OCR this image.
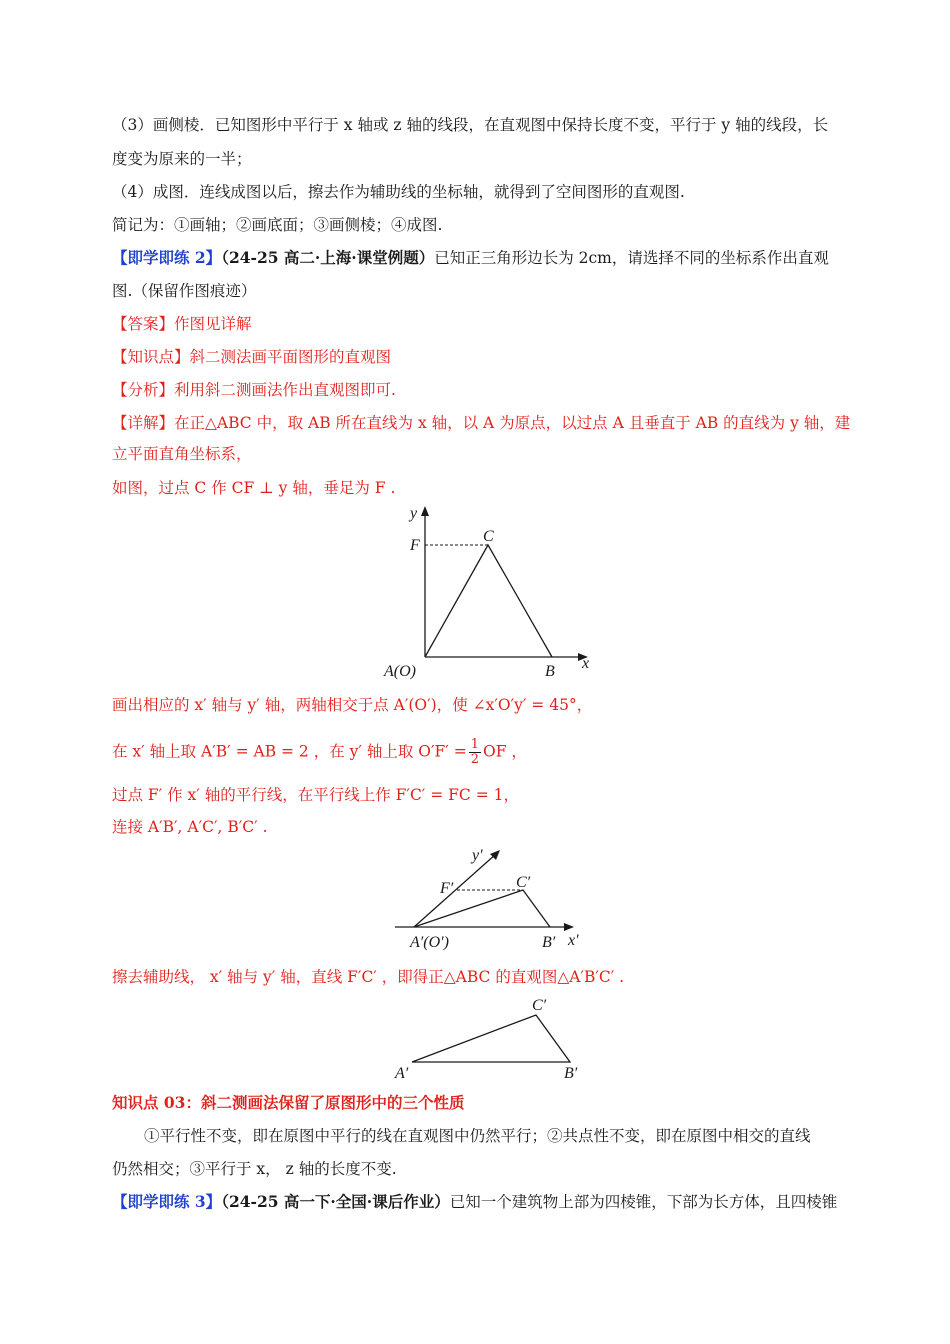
（3）画侧棱．已知图形中平行于 x 轴或 z 轴的线段，在直观图中保持长度不变，平行于 y 轴的线段，长
度变为原来的一半；
（4）成图．连线成图以后，擦去作为辅助线的坐标轴，就得到了空间图形的直观图.
简记为：①画轴；②画底面；③画侧棱；④成图.
【即学即练 2】（24-25 高二·上海·课堂例题）已知正三角形边长为 2cm，请选择不同的坐标系作出直观
图.（保留作图痕迹）
【答案】作图见详解
【知识点】斜二测法画平面图形的直观图
【分析】利用斜二测画法作出直观图即可.
【详解】在正△ABC 中，取 AB 所在直线为 x 轴，以 A 为原点，以过点 A 且垂直于 AB 的直线为 y 轴，建
立平面直角坐标系，
如图，过点 C 作 CF ⊥ y 轴，垂足为 F .
y
x
F
C
A(O)	B
画出相应的 x′ 轴与 y′ 轴，两轴相交于点 A′(O′)，使 ∠x′O′y′ = 45°，
在 x′ 轴上取 A′B′ = AB = 2 ，在 y′ 轴上取 $O'F' = \frac{1}{2}$ OF ，
过点 F′ 作 x′ 轴的平行线，在平行线上作 F′C′ = FC = 1，
连接 A′B′, A′C′, B′C′ .
y′
x′
F′	C′
A′(O′)	B′
擦去辅助线， x′ 轴与 y′ 轴，直线 F′C′ ，即得正△ABC 的直观图△A′B′C′ .
C′
A′	B′
知识点 03：斜二测画法保留了原图形中的三个性质
①平行性不变，即在原图中平行的线在直观图中仍然平行；②共点性不变，即在原图中相交的直线
仍然相交；③平行于 x， z 轴的长度不变.
【即学即练 3】（24-25 高一下·全国·课后作业）已知一个建筑物上部为四棱锥，下部为长方体，且四棱锥
